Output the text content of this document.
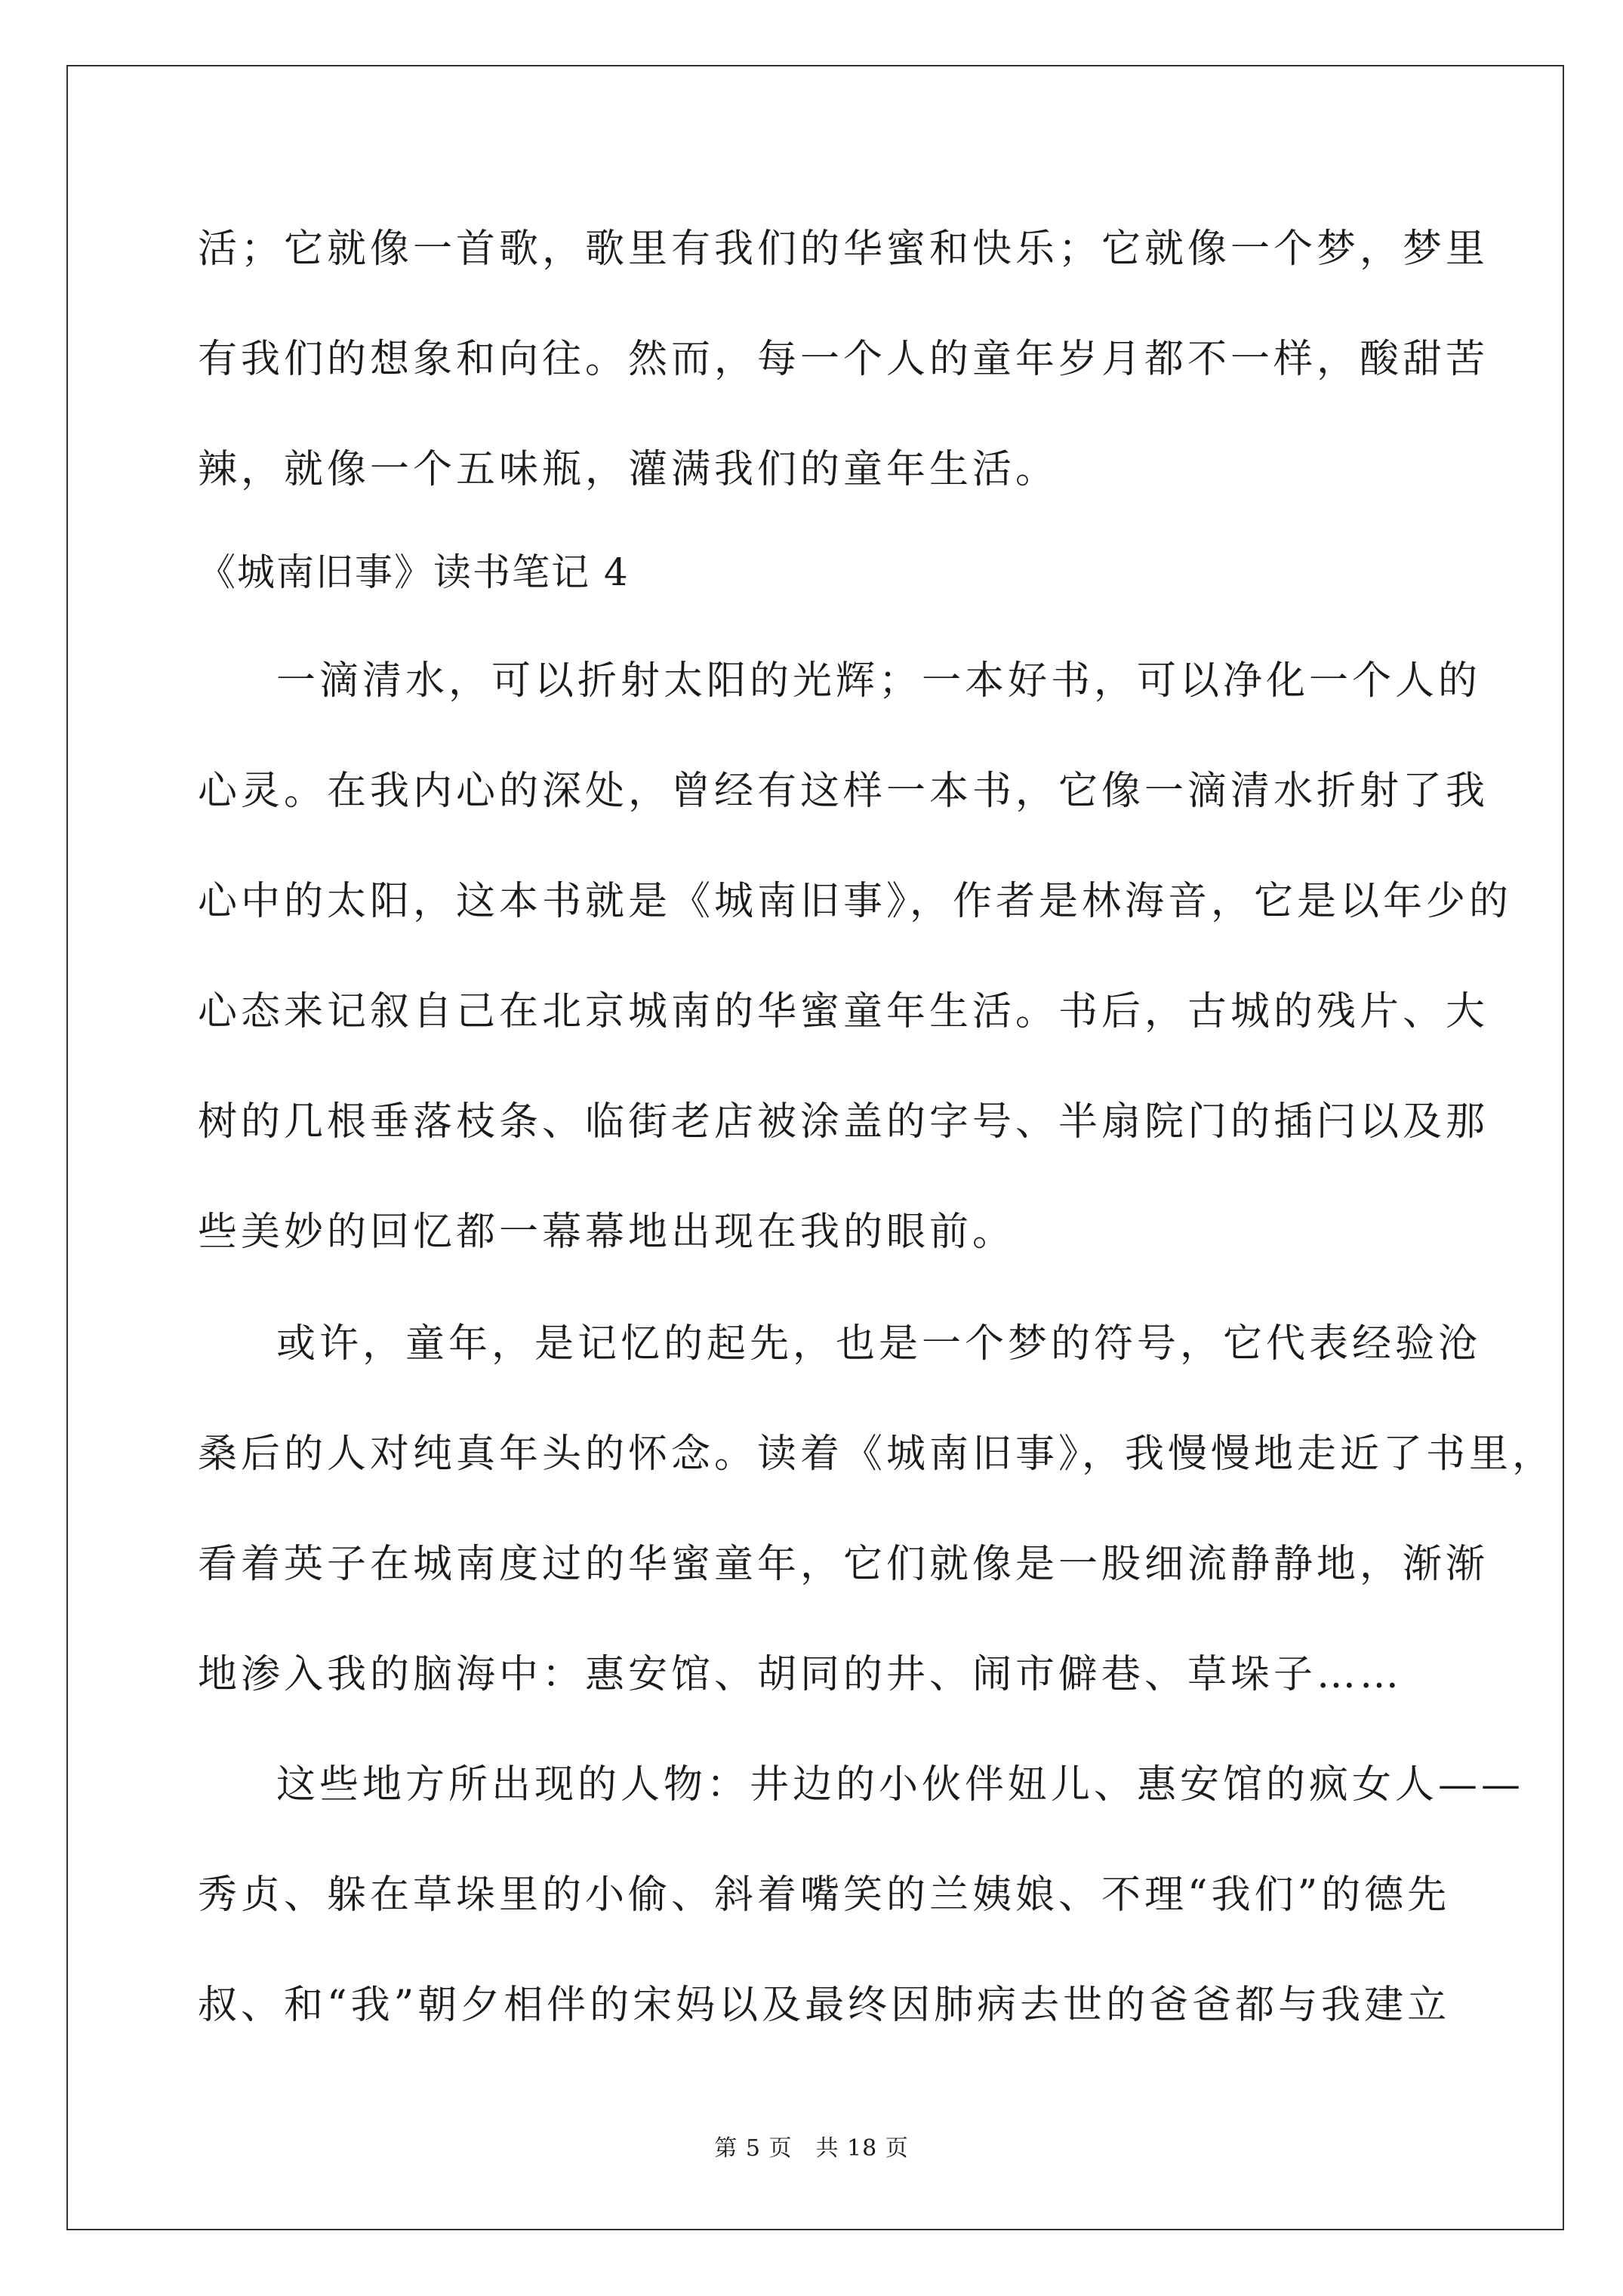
活；它就像一首歌，歌里有我们的华蜜和快乐；它就像一个梦，梦里
有我们的想象和向往。然而，每一个人的童年岁月都不一样，酸甜苦
辣，就像一个五味瓶，灌满我们的童年生活。
《城南旧事》读书笔记 4
一滴清水，可以折射太阳的光辉；一本好书，可以净化一个人的
心灵。在我内心的深处，曾经有这样一本书，它像一滴清水折射了我
心中的太阳，这本书就是《城南旧事》，作者是林海音，它是以年少的
心态来记叙自己在北京城南的华蜜童年生活。书后，古城的残片、大
树的几根垂落枝条、临街老店被涂盖的字号、半扇院门的插闩以及那
些美妙的回忆都一幕幕地出现在我的眼前。
或许，童年，是记忆的起先，也是一个梦的符号，它代表经验沧
桑后的人对纯真年头的怀念。读着《城南旧事》，我慢慢地走近了书里，
看着英子在城南度过的华蜜童年，它们就像是一股细流静静地，渐渐
地渗入我的脑海中：惠安馆、胡同的井、闹市僻巷、草垛子……
这些地方所出现的人物：井边的小伙伴妞儿、惠安馆的疯女人——
秀贞、躲在草垛里的小偷、斜着嘴笑的兰姨娘、不理“我们”的德先
叔、和“我”朝夕相伴的宋妈以及最终因肺病去世的爸爸都与我建立
第 5 页　共 18 页
